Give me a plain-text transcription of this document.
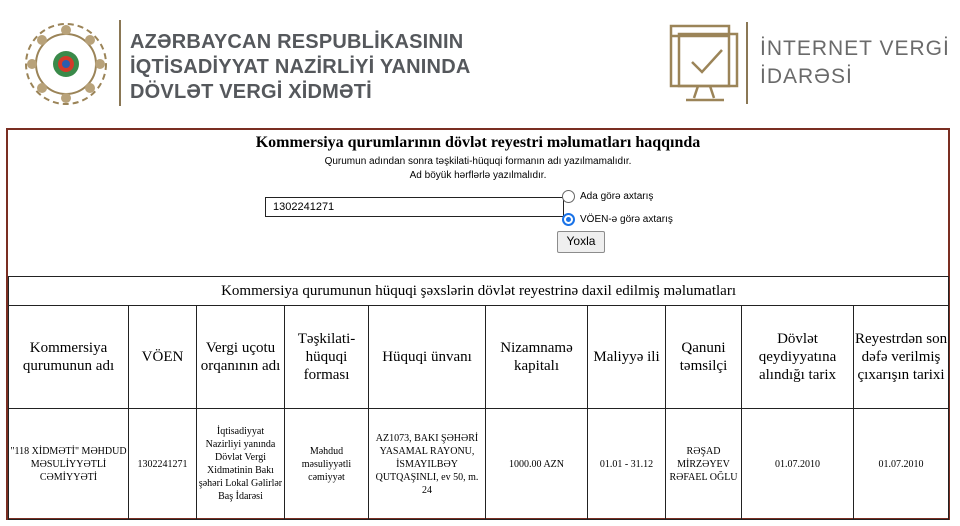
AZƏRBAYCAN RESPUBLİKASININ
İQTİSADİYYAT NAZİRLİYİ YANINDA
DÖVLƏT VERGİ XİDMƏTİ
İNTERNET VERGİ
İDARƏSİ
Kommersiya qurumlarının dövlət reyestri məlumatları haqqında
Qurumun adından sonra təşkilati-hüquqi formanın adı yazılmamalıdır.
Ad böyük hərflərlə yazılmalıdır.
1302241271
Ada görə axtarış
VÖEN-ə görə axtarış
Yoxla
Kommersiya qurumunun hüquqi şəxslərin dövlət reyestrinə daxil edilmiş məlumatları									
Kommersiya qurumunun adı	VÖEN	Vergi uçotu orqanının adı	Təşkilati-hüquqi forması	Hüquqi ünvanı	Nizamnamə kapitalı	Maliyyə ili	Qanuni təmsilçi	Dövlət qeydiyyatına alındığı tarix	Reyestrdən son dəfə verilmiş çıxarışın tarixi
"118 XİDMƏTİ" MƏHDUD MƏSULİYYƏTLİ CƏMİYYƏTİ	1302241271	İqtisadiyyat Nazirliyi yanında Dövlət Vergi Xidmətinin Bakı şəhəri Lokal Gəlirlər Baş İdarəsi	Məhdud məsuliyyətli cəmiyyət	AZ1073, BAKI ŞƏHƏRİ YASAMAL RAYONU, İSMAYILBƏY QUTQAŞINLI, ev 50, m. 24	1000.00 AZN	01.01 - 31.12	RƏŞAD MİRZƏYEV RƏFAEL OĞLU	01.07.2010	01.07.2010
